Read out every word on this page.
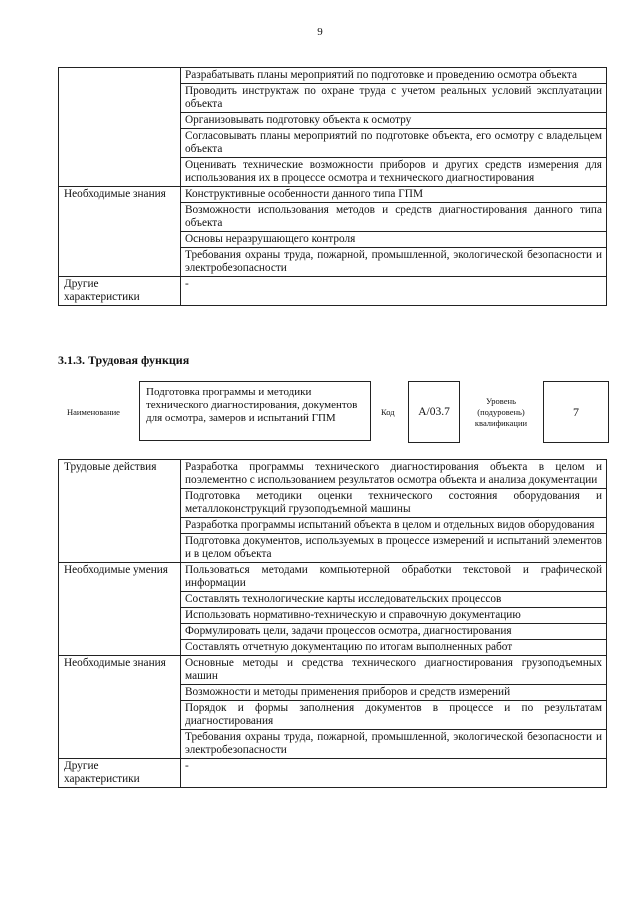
9
	Разрабатывать планы мероприятий по подготовке и проведению осмотра объекта
	Проводить инструктаж по охране труда с учетом реальных условий эксплуатации объекта
	Организовывать подготовку объекта к осмотру
	Согласовывать планы мероприятий по подготовке объекта, его осмотру с владельцем объекта
	Оценивать технические возможности приборов и других средств измерения для использования их в процессе осмотра и технического диагностирования
Необходимые знания	Конструктивные особенности данного типа ГПМ
	Возможности использования методов и средств диагностирования данного типа объекта
	Основы неразрушающего контроля
	Требования охраны труда, пожарной, промышленной, экологической безопасности и электробезопасности
Другие характеристики	-
3.1.3. Трудовая функция
Наименование
Подготовка программы и методики технического диагностирования, документов для осмотра, замеров и испытаний ГПМ	Код	A/03.7
Уровень (подуровень) квалификации
7
Трудовые действия	Разработка программы технического диагностирования объекта в целом и поэлементно с использованием результатов осмотра объекта и анализа документации
	Подготовка методики оценки технического состояния оборудования и металлоконструкций грузоподъемной машины
	Разработка программы испытаний объекта в целом и отдельных видов оборудования
	Подготовка документов, используемых в процессе измерений и испытаний элементов и в целом объекта
Необходимые умения	Пользоваться методами компьютерной обработки текстовой и графической информации
	Составлять технологические карты исследовательских процессов
	Использовать нормативно-техническую и справочную документацию
	Формулировать цели, задачи процессов осмотра, диагностирования
	Составлять отчетную документацию по итогам выполненных работ
Необходимые знания	Основные методы и средства технического диагностирования грузоподъемных машин
	Возможности и методы применения приборов и средств измерений
	Порядок и формы заполнения документов в процессе и по результатам диагностирования
	Требования охраны труда, пожарной, промышленной, экологической безопасности и электробезопасности
Другие характеристики	-
